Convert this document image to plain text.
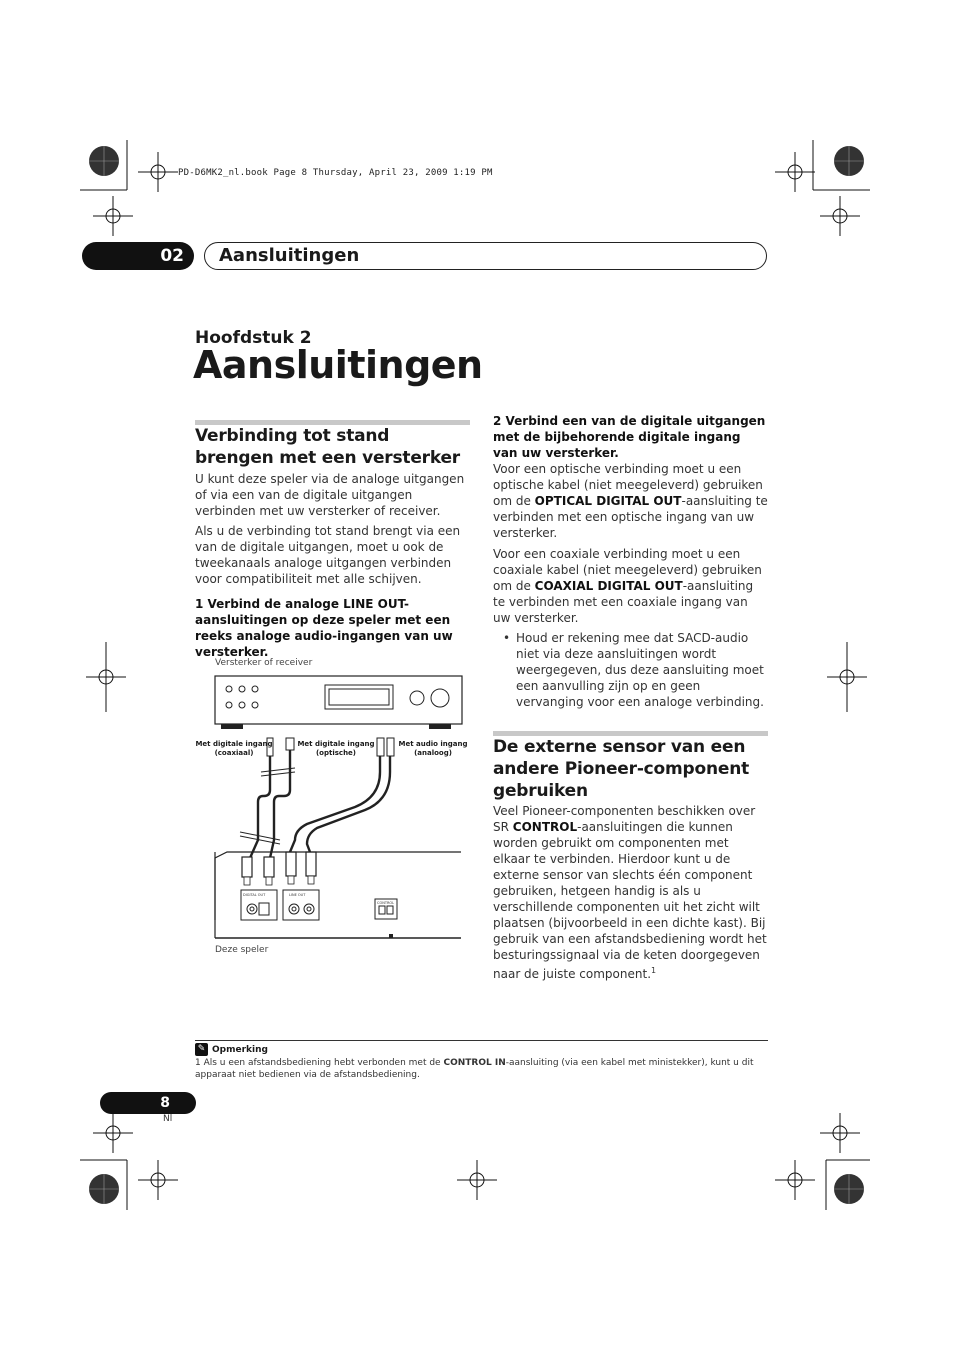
PD-D6MK2_nl.book Page 8 Thursday, April 23, 2009 1:19 PM
02	Aansluitingen
Hoofdstuk 2
Aansluitingen
Verbinding tot stand brengen met een versterker
U kunt deze speler via de analoge uitgangen of via een van de digitale uitgangen verbinden met uw versterker of receiver.
Als u de verbinding tot stand brengt via een van de digitale uitgangen, moet u ook de tweekanaals analoge uitgangen verbinden voor compatibiliteit met alle schijven.
1 Verbind de analoge LINE OUT-aansluitingen op deze speler met een reeks analoge audio-ingangen van uw versterker.
Versterker of receiver
DIGITAL OUT	LINE OUT
CONTROL
Met digitale ingang
(coaxiaal)
Met digitale ingang
(optische)
Met audio ingang
(analoog)
Deze speler
2 Verbind een van de digitale uitgangen met de bijbehorende digitale ingang van uw versterker.
Voor een optische verbinding moet u een optische kabel (niet meegeleverd) gebruiken om de OPTICAL DIGITAL OUT-aansluiting te verbinden met een optische ingang van uw versterker.
Voor een coaxiale verbinding moet u een coaxiale kabel (niet meegeleverd) gebruiken om de COAXIAL DIGITAL OUT-aansluiting te verbinden met een coaxiale ingang van uw versterker.
• Houd er rekening mee dat SACD-audio niet via deze aansluitingen wordt weergegeven, dus deze aansluiting moet een aanvulling zijn op en geen vervanging voor een analoge verbinding.
De externe sensor van een andere Pioneer-component gebruiken
Veel Pioneer-componenten beschikken over SR CONTROL-aansluitingen die kunnen worden gebruikt om componenten met elkaar te verbinden. Hierdoor kunt u de externe sensor van slechts één component gebruiken, hetgeen handig is als u verschillende componenten uit het zicht wilt plaatsen (bijvoorbeeld in een dichte kast). Bij gebruik van een afstandsbediening wordt het besturingssignaal via de keten doorgegeven naar de juiste component.$^1$
✎ Opmerking
1 Als u een afstandsbediening hebt verbonden met de CONTROL IN-aansluiting (via een kabel met ministekker), kunt u dit apparaat niet bedienen via de afstandsbediening.
8
Nl
